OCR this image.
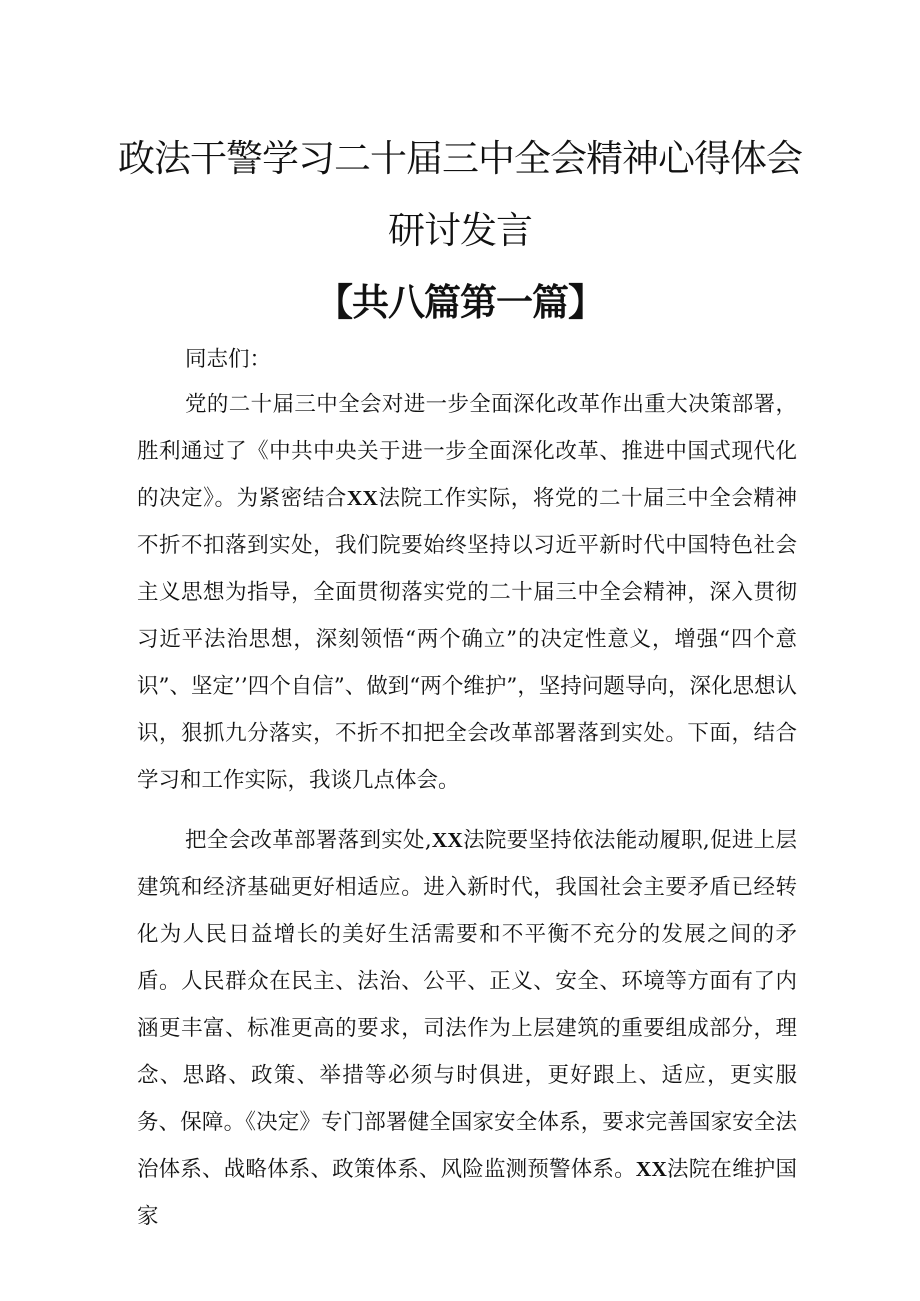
政法干警学习二十届三中全会精神心得体会
研讨发言
【共八篇第一篇】

同志们：

党的二十届三中全会对进一步全面深化改革作出重大决策部署，胜利通过了《中共中央关于进一步全面深化改革、推进中国式现代化的决定》。为紧密结合XX法院工作实际，将党的二十届三中全会精神不折不扣落到实处，我们院要始终坚持以习近平新时代中国特色社会主义思想为指导，全面贯彻落实党的二十届三中全会精神，深入贯彻习近平法治思想，深刻领悟“两个确立”的决定性意义，增强“四个意识”、坚定’’四个自信”、做到“两个维护”，坚持问题导向，深化思想认识，狠抓九分落实，不折不扣把全会改革部署落到实处。下面，结合学习和工作实际，我谈几点体会。

把全会改革部署落到实处,XX法院要坚持依法能动履职,促进上层建筑和经济基础更好相适应。进入新时代，我国社会主要矛盾已经转化为人民日益增长的美好生活需要和不平衡不充分的发展之间的矛盾。人民群众在民主、法治、公平、正义、安全、环境等方面有了内涵更丰富、标准更高的要求，司法作为上层建筑的重要组成部分，理念、思路、政策、举措等必须与时俱进，更好跟上、适应，更实服务、保障。《决定》专门部署健全国家安全体系，要求完善国家安全法治体系、战略体系、政策体系、风险监测预警体系。XX法院在维护国家
